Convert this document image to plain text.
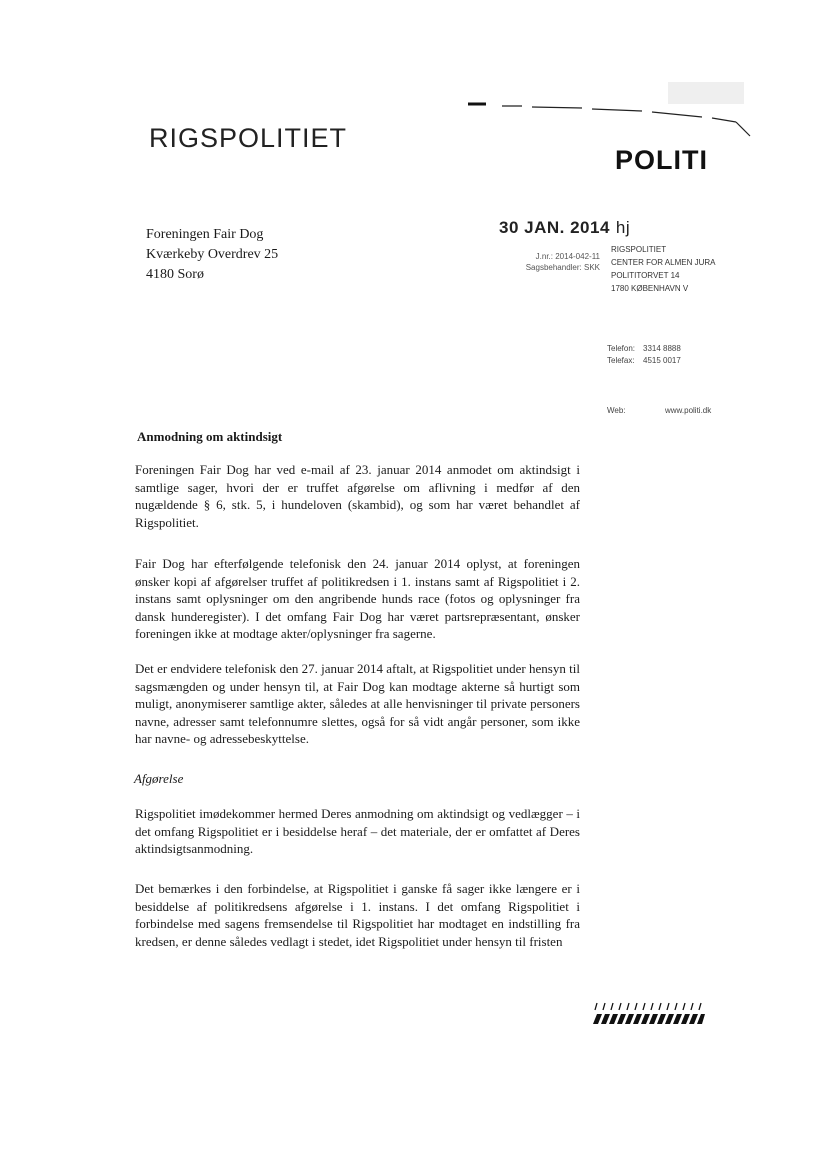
RIGSPOLITIET
POLITI
Foreningen Fair Dog
Kværkeby Overdrev 25
4180 Sorø
30 JAN. 2014 hj
J.nr.: 2014-042-11
Sagsbehandler: SKK
RIGSPOLITIET
CENTER FOR ALMEN JURA
POLITITORVET 14
1780 KØBENHAVN V
Telefon: 3314 8888
Telefax: 4515 0017
Web:	www.politi.dk
Anmodning om aktindsigt
Foreningen Fair Dog har ved e-mail af 23. januar 2014 anmodet om aktindsigt i samtlige sager, hvori der er truffet afgørelse om aflivning i medfør af den nugældende § 6, stk. 5, i hundeloven (skambid), og som har været behandlet af Rigspolitiet.
Fair Dog har efterfølgende telefonisk den 24. januar 2014 oplyst, at foreningen ønsker kopi af afgørelser truffet af politikredsen i 1. instans samt af Rigspolitiet i 2. instans samt oplysninger om den angribende hunds race (fotos og oplysninger fra dansk hunderegister). I det omfang Fair Dog har været partsrepræsentant, ønsker foreningen ikke at modtage akter/oplysninger fra sagerne.
Det er endvidere telefonisk den 27. januar 2014 aftalt, at Rigspolitiet under hensyn til sagsmængden og under hensyn til, at Fair Dog kan modtage akterne så hurtigt som muligt, anonymiserer samtlige akter, således at alle henvisninger til private personers navne, adresser samt telefonnumre slettes, også for så vidt angår personer, som ikke har navne- og adressebeskyttelse.
Afgørelse
Rigspolitiet imødekommer hermed Deres anmodning om aktindsigt og vedlægger – i det omfang Rigspolitiet er i besiddelse heraf – det materiale, der er omfattet af Deres aktindsigtsanmodning.
Det bemærkes i den forbindelse, at Rigspolitiet i ganske få sager ikke længere er i besiddelse af politikredsens afgørelse i 1. instans. I det omfang Rigspolitiet i forbindelse med sagens fremsendelse til Rigspolitiet har modtaget en indstilling fra kredsen, er denne således vedlagt i stedet, idet Rigspolitiet under hensyn til fristen
